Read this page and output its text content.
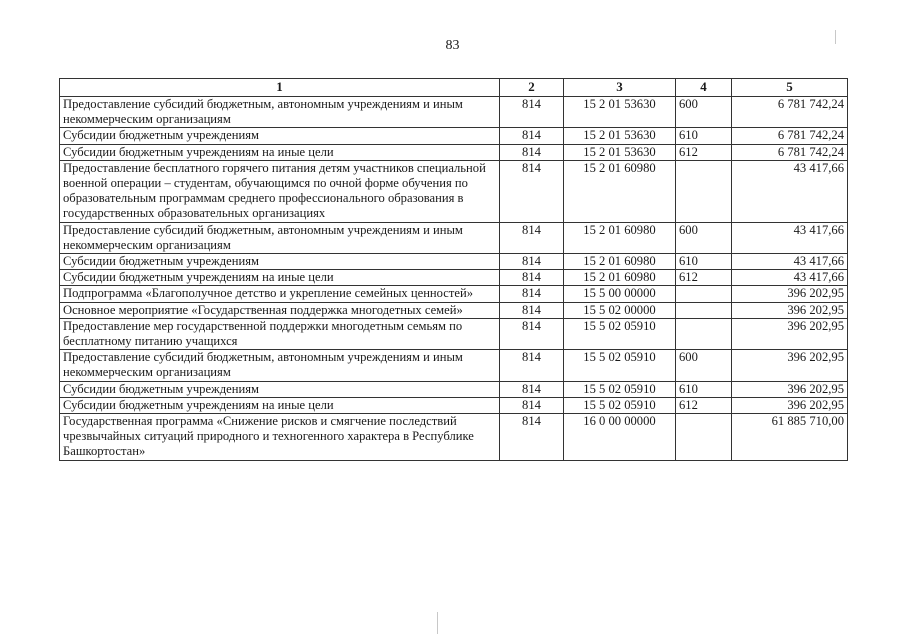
83
1	2	3	4	5
Предоставление субсидий бюджетным, автономным учреждениям и иным некоммерческим организациям	814	15 2 01 53630	600	6 781 742,24
Субсидии бюджетным учреждениям	814	15 2 01 53630	610	6 781 742,24
Субсидии бюджетным учреждениям на иные цели	814	15 2 01 53630	612	6 781 742,24
Предоставление бесплатного горячего питания детям участников специальной военной операции – студентам, обучающимся по очной форме обучения по образовательным программам среднего профессионального образования в государственных образовательных организациях	814	15 2 01 60980		43 417,66
Предоставление субсидий бюджетным, автономным учреждениям и иным некоммерческим организациям	814	15 2 01 60980	600	43 417,66
Субсидии бюджетным учреждениям	814	15 2 01 60980	610	43 417,66
Субсидии бюджетным учреждениям на иные цели	814	15 2 01 60980	612	43 417,66
Подпрограмма «Благополучное детство и укрепление семейных ценностей»	814	15 5 00 00000		396 202,95
Основное мероприятие «Государственная поддержка многодетных семей»	814	15 5 02 00000		396 202,95
Предоставление мер государственной поддержки многодетным семьям по бесплатному питанию учащихся	814	15 5 02 05910		396 202,95
Предоставление субсидий бюджетным, автономным учреждениям и иным некоммерческим организациям	814	15 5 02 05910	600	396 202,95
Субсидии бюджетным учреждениям	814	15 5 02 05910	610	396 202,95
Субсидии бюджетным учреждениям на иные цели	814	15 5 02 05910	612	396 202,95
Государственная программа «Снижение рисков и смягчение последствий чрезвычайных ситуаций природного и техногенного характера в Республике Башкортостан»	814	16 0 00 00000		61 885 710,00
